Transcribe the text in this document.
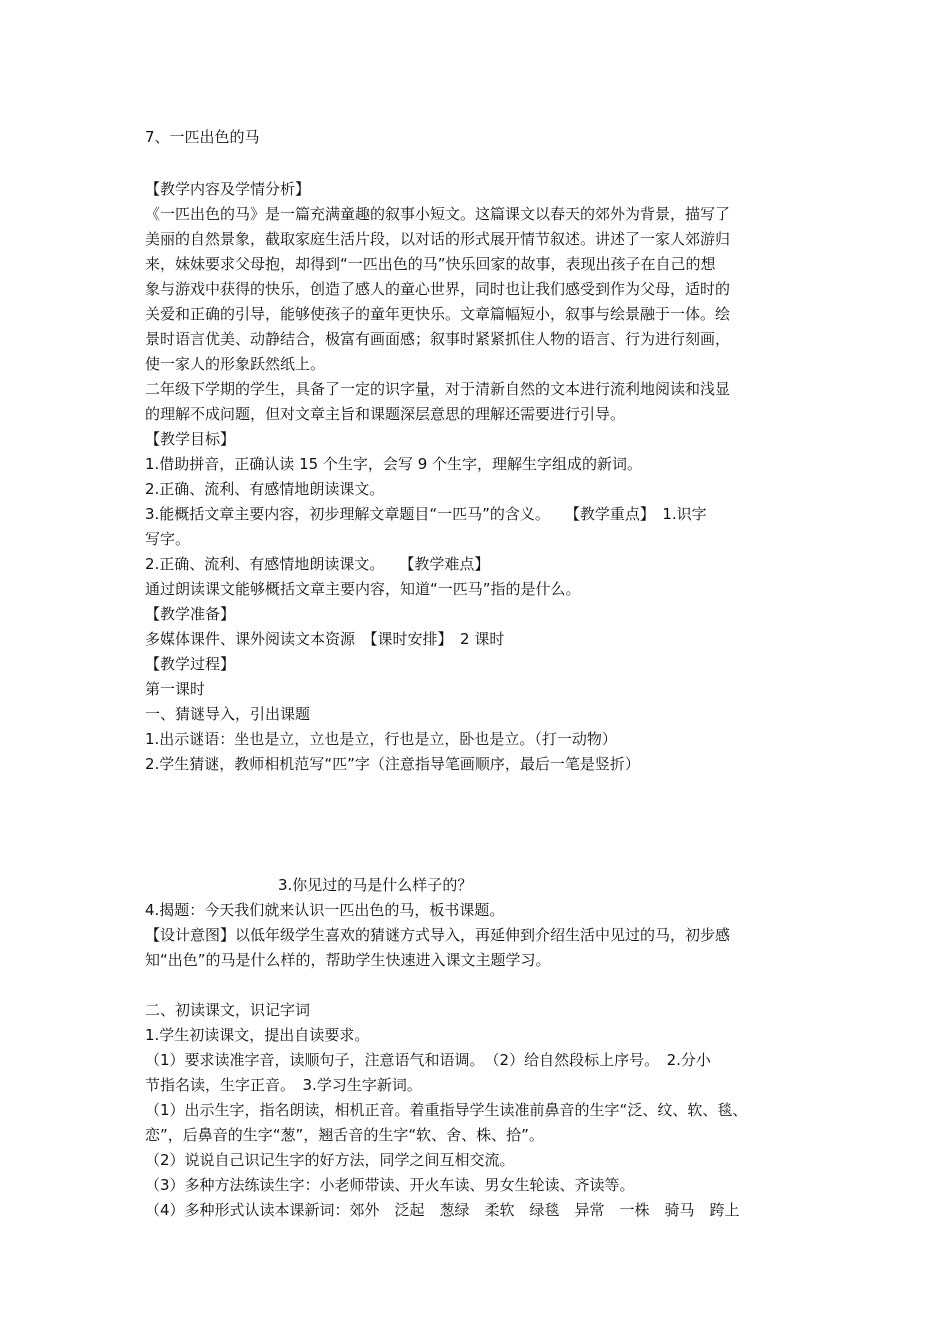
7、一匹出色的马
【教学内容及学情分析】
《一匹出色的马》是一篇充满童趣的叙事小短文。这篇课文以春天的郊外为背景，描写了
美丽的自然景象，截取家庭生活片段，以对话的形式展开情节叙述。讲述了一家人郊游归
来，妹妹要求父母抱，却得到“一匹出色的马”快乐回家的故事，表现出孩子在自己的想
象与游戏中获得的快乐，创造了感人的童心世界，同时也让我们感受到作为父母，适时的
关爱和正确的引导，能够使孩子的童年更快乐。文章篇幅短小，叙事与绘景融于一体。绘
景时语言优美、动静结合，极富有画面感；叙事时紧紧抓住人物的语言、行为进行刻画，
使一家人的形象跃然纸上。
二年级下学期的学生，具备了一定的识字量，对于清新自然的文本进行流利地阅读和浅显
的理解不成问题，但对文章主旨和课题深层意思的理解还需要进行引导。
【教学目标】
1.借助拼音，正确认读 15 个生字，会写 9 个生字，理解生字组成的新词。
2.正确、流利、有感情地朗读课文。
3.能概括文章主要内容，初步理解文章题目“一匹马”的含义。　　【教学重点】　1.识字
写字。
2.正确、流利、有感情地朗读课文。　　【教学难点】
通过朗读课文能够概括文章主要内容，知道“一匹马”指的是什么。
【教学准备】
多媒体课件、课外阅读文本资源　【课时安排】　2 课时
【教学过程】
第一课时
一、猜谜导入，引出课题
1.出示谜语：坐也是立，立也是立，行也是立，卧也是立。（打一动物）
2.学生猜谜，教师相机范写“匹”字（注意指导笔画顺序，最后一笔是竖折）
3.你见过的马是什么样子的？
4.揭题：今天我们就来认识一匹出色的马，板书课题。
【设计意图】以低年级学生喜欢的猜谜方式导入，再延伸到介绍生活中见过的马，初步感
知“出色”的马是什么样的，帮助学生快速进入课文主题学习。
二、初读课文，识记字词
1.学生初读课文，提出自读要求。
（1）要求读准字音，读顺句子，注意语气和语调。　（2）给自然段标上序号。　2.分小
节指名读，生字正音。　3.学习生字新词。
（1）出示生字，指名朗读，相机正音。着重指导学生读准前鼻音的生字“泛、纹、软、毯、
恋”，后鼻音的生字“葱”，翘舌音的生字“软、舍、株、拾”。
（2）说说自己识记生字的好方法，同学之间互相交流。
（3）多种方法练读生字：小老师带读、开火车读、男女生轮读、齐读等。
（4）多种形式认读本课新词：郊外　泛起　葱绿　柔软　绿毯　异常　一株　骑马　跨上
